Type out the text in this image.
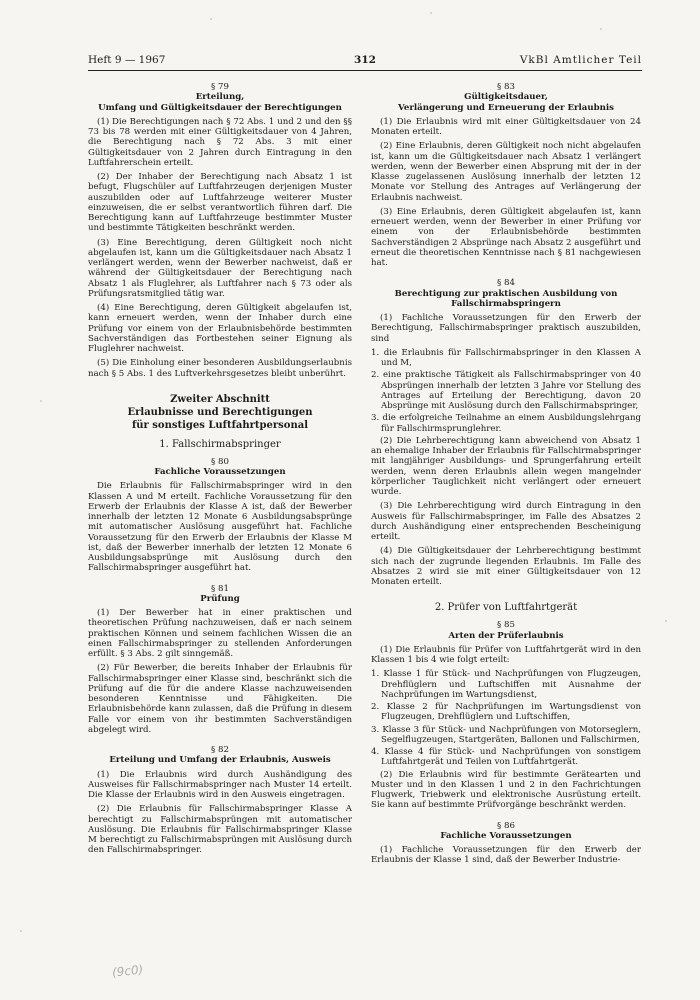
Heft 9 — 1967	312	VkBl Amtlicher Teil

§ 79

Erteilung,

Umfang und Gültigkeitsdauer der Berechtigungen

(1) Die Berechtigungen nach § 72 Abs. 1 und 2 und den §§ 73 bis 78 werden mit einer Gültigkeitsdauer von 4 Jahren, die Berechtigung nach § 72 Abs. 3 mit einer Gültigkeitsdauer von 2 Jahren durch Eintragung in den Luftfahrerschein erteilt.

(2) Der Inhaber der Berechtigung nach Absatz 1 ist befugt, Flugschüler auf Luftfahrzeugen derjenigen Muster auszubilden oder auf Luftfahrzeuge weiterer Muster einzuweisen, die er selbst verantwortlich führen darf. Die Berechtigung kann auf Luftfahrzeuge bestimmter Muster und bestimmte Tätigkeiten beschränkt werden.

(3) Eine Berechtigung, deren Gültigkeit noch nicht abgelaufen ist, kann um die Gültigkeitsdauer nach Absatz 1 verlängert werden, wenn der Bewerber nachweist, daß er während der Gültigkeitsdauer der Berechtigung nach Absatz 1 als Fluglehrer, als Luftfahrer nach § 73 oder als Prüfungsratsmitglied tätig war.

(4) Eine Berechtigung, deren Gültigkeit abgelaufen ist, kann erneuert werden, wenn der Inhaber durch eine Prüfung vor einem von der Erlaubnisbehörde bestimmten Sachverständigen das Fortbestehen seiner Eignung als Fluglehrer nachweist.

(5) Die Einholung einer besonderen Ausbildungserlaubnis nach § 5 Abs. 1 des Luftverkehrsgesetzes bleibt unberührt.

Zweiter Abschnitt

Erlaubnisse und Berechtigungen

für sonstiges Luftfahrtpersonal

1. Fallschirmabspringer

§ 80

Fachliche Voraussetzungen

Die Erlaubnis für Fallschirmabspringer wird in den Klassen A und M erteilt. Fachliche Voraussetzung für den Erwerb der Erlaubnis der Klasse A ist, daß der Bewerber innerhalb der letzten 12 Monate 6 Ausbildungsabsprünge mit automatischer Auslösung ausgeführt hat. Fachliche Voraussetzung für den Erwerb der Erlaubnis der Klasse M ist, daß der Bewerber innerhalb der letzten 12 Monate 6 Ausbildungsabsprünge mit Auslösung durch den Fallschirmabspringer ausgeführt hat.

§ 81

Prüfung

(1) Der Bewerber hat in einer praktischen und theoretischen Prüfung nachzuweisen, daß er nach seinem praktischen Können und seinem fachlichen Wissen die an einen Fallschirmabspringer zu stellenden Anforderungen erfüllt. § 3 Abs. 2 gilt sinngemäß.

(2) Für Bewerber, die bereits Inhaber der Erlaubnis für Fallschirmabspringer einer Klasse sind, beschränkt sich die Prüfung auf die für die andere Klasse nachzuweisenden besonderen Kenntnisse und Fähigkeiten. Die Erlaubnisbehörde kann zulassen, daß die Prüfung in diesem Falle vor einem von ihr bestimmten Sachverständigen abgelegt wird.

§ 82

Erteilung und Umfang der Erlaubnis, Ausweis

(1) Die Erlaubnis wird durch Aushändigung des Ausweises für Fallschirmabspringer nach Muster 14 erteilt. Die Klasse der Erlaubnis wird in den Ausweis eingetragen.

(2) Die Erlaubnis für Fallschirmabspringer Klasse A berechtigt zu Fallschirmabsprüngen mit automatischer Auslösung. Die Erlaubnis für Fallschirmabspringer Klasse M berechtigt zu Fallschirmabsprüngen mit Auslösung durch den Fallschirmabspringer.

§ 83

Gültigkeitsdauer,

Verlängerung und Erneuerung der Erlaubnis

(1) Die Erlaubnis wird mit einer Gültigkeitsdauer von 24 Monaten erteilt.

(2) Eine Erlaubnis, deren Gültigkeit noch nicht abgelaufen ist, kann um die Gültigkeitsdauer nach Absatz 1 verlängert werden, wenn der Bewerber einen Absprung mit der in der Klasse zugelassenen Auslösung innerhalb der letzten 12 Monate vor Stellung des Antrages auf Verlängerung der Erlaubnis nachweist.

(3) Eine Erlaubnis, deren Gültigkeit abgelaufen ist, kann erneuert werden, wenn der Bewerber in einer Prüfung vor einem von der Erlaubnisbehörde bestimmten Sachverständigen 2 Absprünge nach Absatz 2 ausgeführt und erneut die theoretischen Kenntnisse nach § 81 nachgewiesen hat.

§ 84

Berechtigung zur praktischen Ausbildung von

Fallschirmabspringern

(1) Fachliche Voraussetzungen für den Erwerb der Berechtigung, Fallschirmabspringer praktisch auszubilden, sind

1. die Erlaubnis für Fallschirmabspringer in den Klassen A und M,

2. eine praktische Tätigkeit als Fallschirmabspringer von 40 Absprüngen innerhalb der letzten 3 Jahre vor Stellung des Antrages auf Erteilung der Berechtigung, davon 20 Absprünge mit Auslösung durch den Fallschirmabspringer,

3. die erfolgreiche Teilnahme an einem Ausbildungslehrgang für Fallschirmsprunglehrer.

(2) Die Lehrberechtigung kann abweichend von Absatz 1 an ehemalige Inhaber der Erlaubnis für Fallschirmabspringer mit langjähriger Ausbildungs- und Sprungerfahrung erteilt werden, wenn deren Erlaubnis allein wegen mangelnder körperlicher Tauglichkeit nicht verlängert oder erneuert wurde.

(3) Die Lehrberechtigung wird durch Eintragung in den Ausweis für Fallschirmabspringer, im Falle des Absatzes 2 durch Aushändigung einer entsprechenden Bescheinigung erteilt.

(4) Die Gültigkeitsdauer der Lehrberechtigung bestimmt sich nach der zugrunde liegenden Erlaubnis. Im Falle des Absatzes 2 wird sie mit einer Gültigkeitsdauer von 12 Monaten erteilt.

2. Prüfer von Luftfahrtgerät

§ 85

Arten der Prüferlaubnis

(1) Die Erlaubnis für Prüfer von Luftfahrtgerät wird in den Klassen 1 bis 4 wie folgt erteilt:

1. Klasse 1 für Stück- und Nachprüfungen von Flugzeugen, Drehflüglern und Luftschiffen mit Ausnahme der Nachprüfungen im Wartungsdienst,

2. Klasse 2 für Nachprüfungen im Wartungsdienst von Flugzeugen, Drehflüglern und Luftschiffen,

3. Klasse 3 für Stück- und Nachprüfungen von Motorseglern, Segelflugzeugen, Startgeräten, Ballonen und Fallschirmen,

4. Klasse 4 für Stück- und Nachprüfungen von sonstigem Luftfahrtgerät und Teilen von Luftfahrtgerät.

(2) Die Erlaubnis wird für bestimmte Gerätearten und Muster und in den Klassen 1 und 2 in den Fachrichtungen Flugwerk, Triebwerk und elektronische Ausrüstung erteilt. Sie kann auf bestimmte Prüfvorgänge beschränkt werden.

§ 86

Fachliche Voraussetzungen

(1) Fachliche Voraussetzungen für den Erwerb der Erlaubnis der Klasse 1 sind, daß der Bewerber Industrie-

(9c0)
